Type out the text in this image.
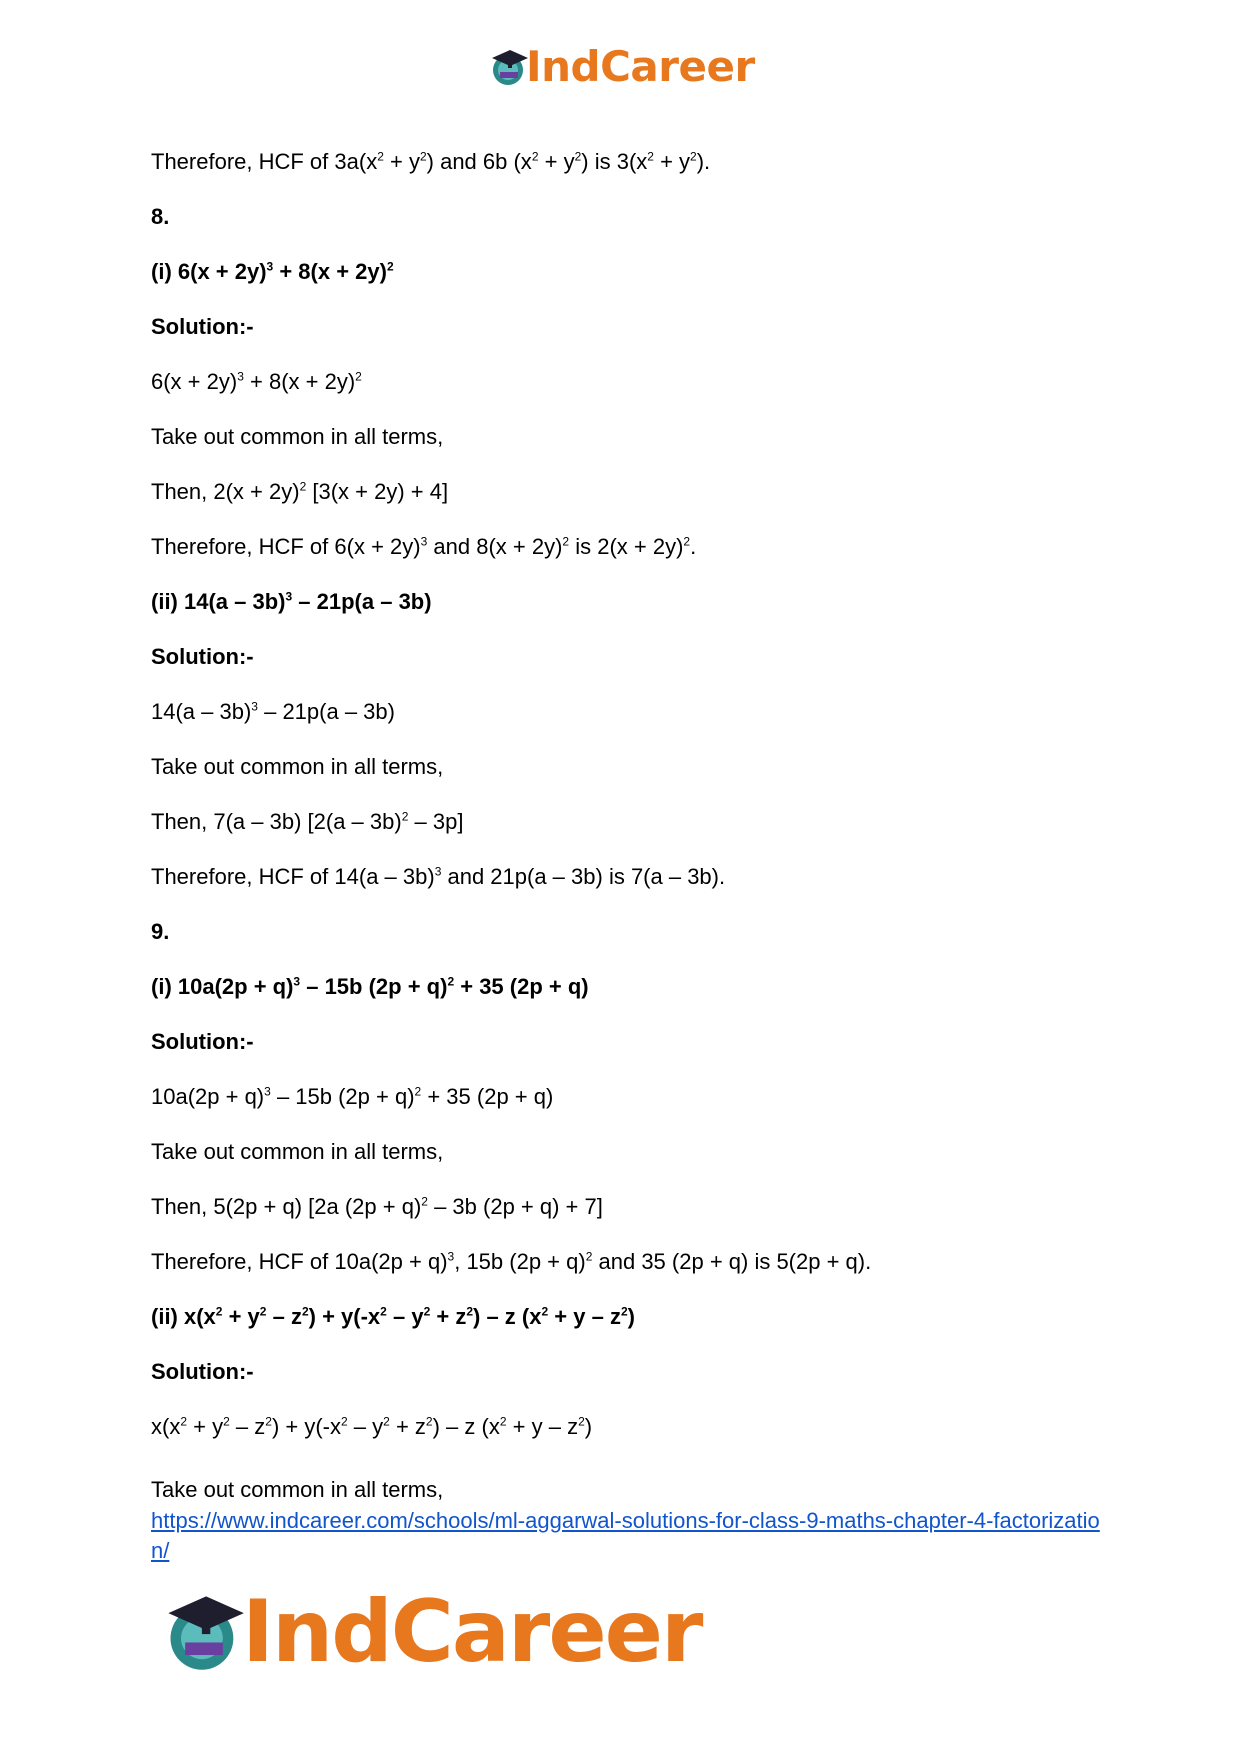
IndCareer
Therefore, HCF of $3a(x^2 + y^2)$ and 6b $(x^2 + y^2)$ is $3(x^2 + y^2)$.
8.
(i) $6(x + 2y)^3 + 8(x + 2y)^2$
Solution:-
$6(x + 2y)^3 + 8(x + 2y)^2$
Take out common in all terms,
Then, $2(x + 2y)^2$ [3(x + 2y) + 4]
Therefore, HCF of $6(x + 2y)^3$ and $8(x + 2y)^2$ is $2(x + 2y)^2$.
(ii) 14(a – 3b)$^3$ – 21p(a – 3b)
Solution:-
14(a – 3b)$^3$ – 21p(a – 3b)
Take out common in all terms,
Then, 7(a – 3b) [2(a – 3b)$^2$ – 3p]
Therefore, HCF of 14(a – 3b)$^3$ and 21p(a – 3b) is 7(a – 3b).
9.
(i) $10a(2p + q)^3 - 15b$ $(2p + q)^2 + 35$ (2p + q)
Solution:-
$10a(2p + q)^3 - 15b$ $(2p + q)^2 + 35$ (2p + q)
Take out common in all terms,
Then, 5(2p + q) [2a $(2p + q)^2 - 3b$ (2p + q) + 7]
Therefore, HCF of $10a(2p + q)^3$, 15b $(2p + q)^2$ and 35 (2p + q) is 5(2p + q).
(ii) $x(x^2 + y^2 - z^2) + y(-x^2 - y^2 + z^2) - z$ $(x^2 + y - z^2)$
Solution:-
$x(x^2 + y^2 - z^2) + y(-x^2 - y^2 + z^2) - z$ $(x^2 + y - z^2)$
Take out common in all terms,
https://www.indcareer.com/schools/ml-aggarwal-solutions-for-class-9-maths-chapter-4-factorization/
IndCareer
